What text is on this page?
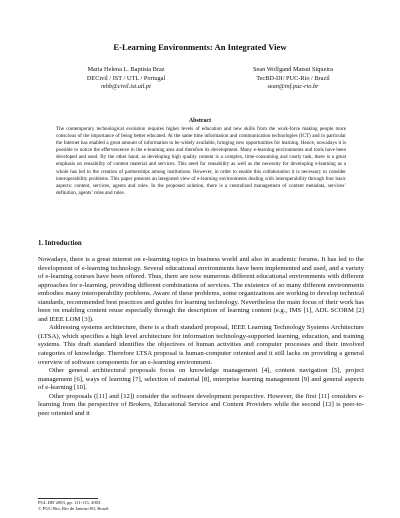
E-Learning Environments: An Integrated View
Maria Helena L. Baptista Braz
DECivil / IST / UTL / Portugal
mhb@civil.ist.utl.pt
Sean Wolfgand Matsui Siqueira
TecBD-DI/ PUC-Rio / Brazil
sean@inf.puc-rio.br
Abstract
The contemporary technological evolution requires higher levels of education and new skills from the work-force making people more conscious of the importance of being better educated. At the same time information and communication technologies (ICT) and in particular the Internet has enabled a great amount of information to be widely available, bringing new opportunities for learning. Hence, nowadays it is possible to notice the effervescence in the e-learning area and therefore its development. Many e-learning environments and tools have been developed and used. By the other hand, as developing high quality content is a complex, time-consuming and costly task, there is a great emphasis on reusability of content material and services. This need for reusability as well as the necessity for developing e-learning as a whole has led to the creation of partnerships among institutions. However, in order to enable this collaboration it is necessary to consider interoperability problems. This paper presents an integrated view of e-learning environments dealing with interoperability through four basic aspects: content, services, agents and roles. In the proposed solution, there is a centralized management of content metadata, services’ definition, agents’ roles and rules.
1. Introduction

Nowadays, there is a great interest on e-learning topics in business world and also in academic forums. It has led to the development of e-learning technology. Several educational environments have been implemented and used, and a variety of e-learning courses have been offered. Thus, there are now numerous different educational environments with different approaches for e-learning, providing different combinations of services. The existence of so many different environments embodies many interoperability problems. Aware of these problems, some organizations are working to develop technical standards, recommended best practices and guides for learning technology. Nevertheless the main focus of their work has been on enabling content reuse especially through the description of learning content (e.g., IMS [1], ADL SCORM [2] and IEEE LOM [3]).

Addressing systems architecture, there is a draft standard proposal, IEEE Learning Technology Systems Architecture (LTSA), which specifies a high level architecture for information technology-supported learning, education, and training systems. This draft standard identifies the objectives of human activities and computer processes and their involved categories of knowledge. Therefore LTSA proposal is human-computer oriented and it still lacks on providing a general overview of software components for an e-learning environment.

Other general architectural proposals focus on knowledge management [4], content navigation [5], project management [6], ways of learning [7], selection of material [8], enterprise learning management [9] and general aspects of e-learning [10].

Other proposals ([11] and [12]) consider the software development perspective. However, the first [11] considers e-learning from the perspective of Brokers, Educational Service and Content Providers while the second [12] is peer-to-peer oriented and it

PGL DB’2003, pp. 111-115, 2003.
© PUC-Rio, Rio de Janeiro-RJ, Brazil
